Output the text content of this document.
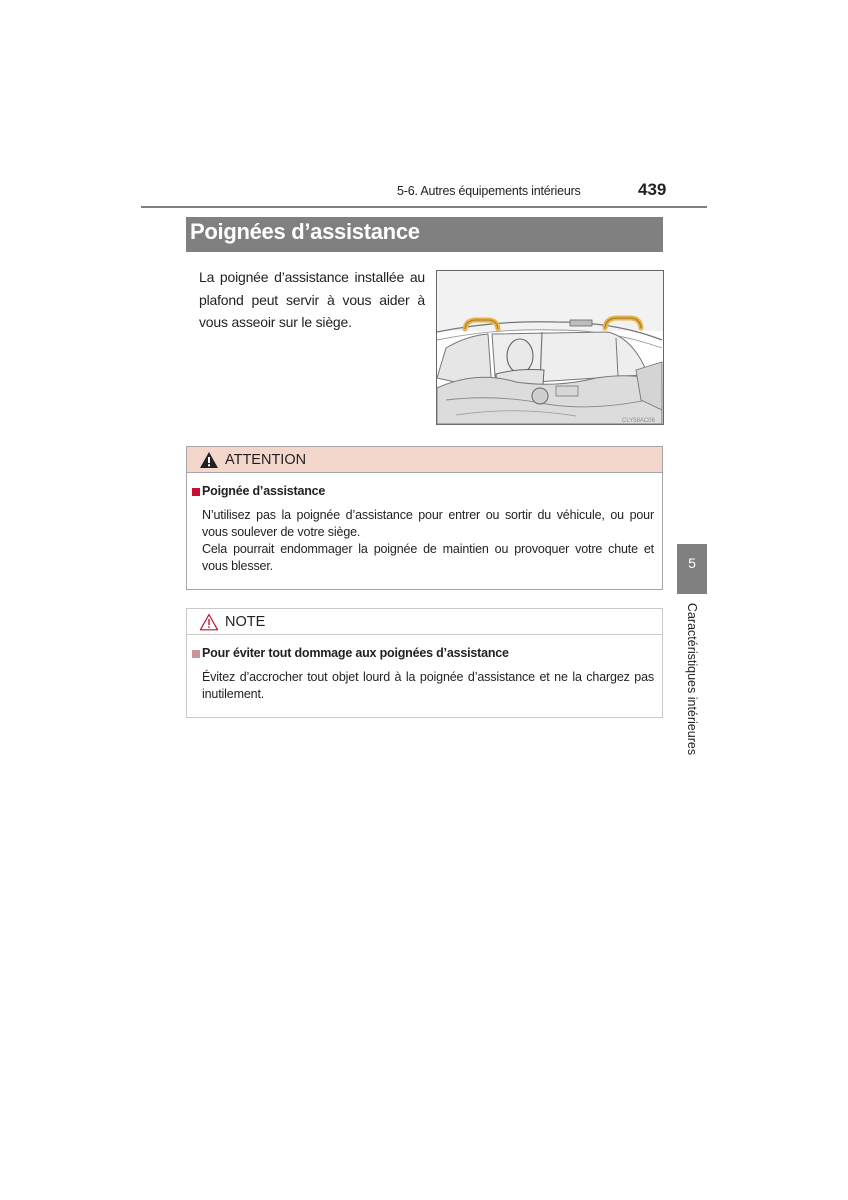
5-6. Autres équipements intérieurs	439
Poignées d’assistance
La poignée d’assistance installée au plafond peut servir à vous aider à vous asseoir sur le siège.
CLY58AC06
ATTENTION
Poignée d’assistance
N’utilisez pas la poignée d’assistance pour entrer ou sortir du véhicule, ou pour vous soulever de votre siège.
Cela pourrait endommager la poignée de maintien ou provoquer votre chute et vous blesser.
NOTE
Pour éviter tout dommage aux poignées d’assistance
Évitez d’accrocher tout objet lourd à la poignée d’assistance et ne la chargez pas inutilement.
5
Caractéristiques intérieures
